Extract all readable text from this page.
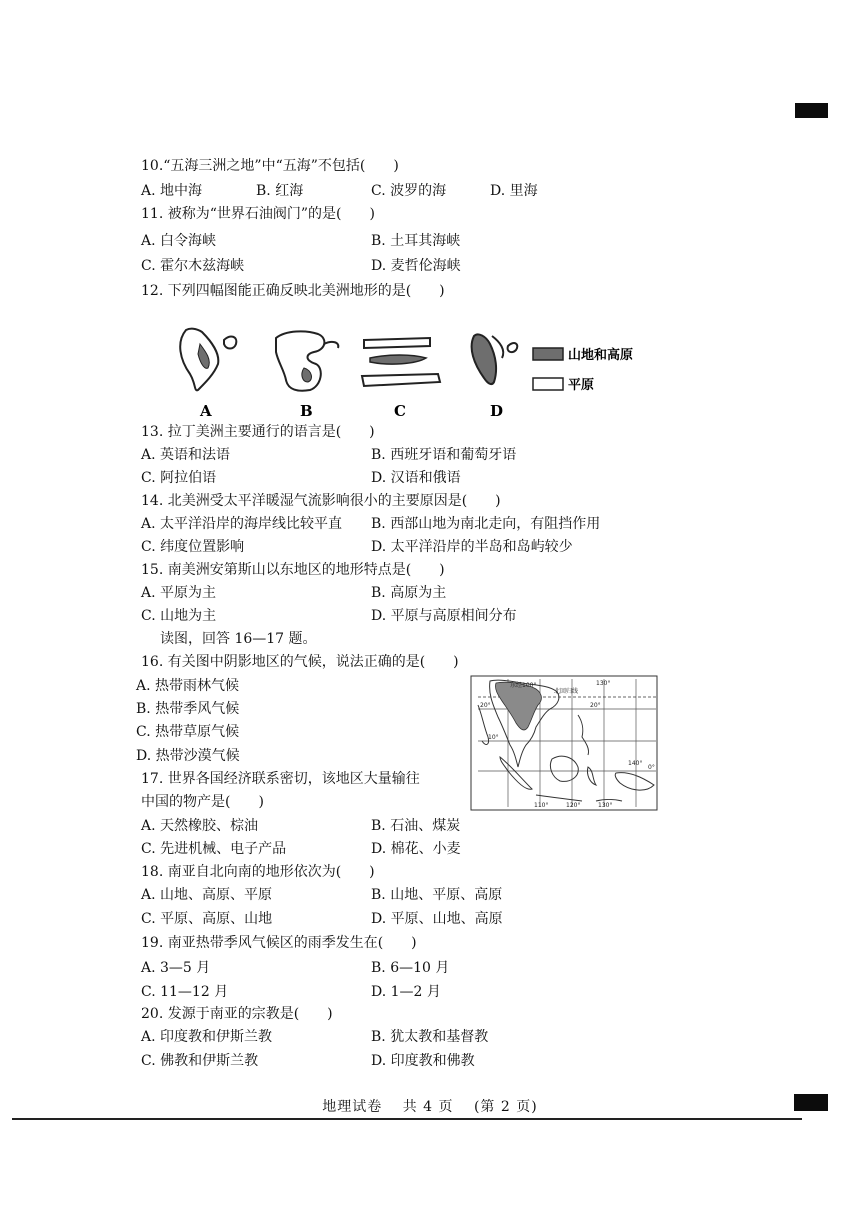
10.“五海三洲之地”中“五海”不包括(　　)
A. 地中海	B. 红海	C. 波罗的海	D. 里海
11. 被称为“世界石油阀门”的是(　　)
A. 白令海峡	B. 土耳其海峡
C. 霍尔木兹海峡	D. 麦哲伦海峡
12. 下列四幅图能正确反映北美洲地形的是(　　)
A	B	C	D
山地和高原
平原
13. 拉丁美洲主要通行的语言是(　　)
A. 英语和法语	B. 西班牙语和葡萄牙语
C. 阿拉伯语	D. 汉语和俄语
14. 北美洲受太平洋暖湿气流影响很小的主要原因是(　　)
A. 太平洋沿岸的海岸线比较平直 B. 西部山地为南北走向，有阻挡作用
C. 纬度位置影响	D. 太平洋沿岸的半岛和岛屿较少
15. 南美洲安第斯山以东地区的地形特点是(　　)
A. 平原为主	B. 高原为主
C. 山地为主	D. 平原与高原相间分布
读图，回答 16—17 题。
16. 有关图中阴影地区的气候，说法正确的是(　　)
A. 热带雨林气候
B. 热带季风气候
C. 热带草原气候
D. 热带沙漠气候
东经100°
北回归线
130°
20°	20°
10°
140°
0°
110°	120°	130°
17. 世界各国经济联系密切，该地区大量输往
中国的物产是(　　)
A. 天然橡胶、棕油	B. 石油、煤炭
C. 先进机械、电子产品	D. 棉花、小麦
18. 南亚自北向南的地形依次为(　　)
A. 山地、高原、平原	B. 山地、平原、高原
C. 平原、高原、山地	D. 平原、山地、高原
19. 南亚热带季风气候区的雨季发生在(　　)
A. 3—5 月	B. 6—10 月
C. 11—12 月	D. 1—2 月
20. 发源于南亚的宗教是(　　)
A. 印度教和伊斯兰教	B. 犹太教和基督教
C. 佛教和伊斯兰教	D. 印度教和佛教
地理试卷　 共 4 页　 (第 2 页)
